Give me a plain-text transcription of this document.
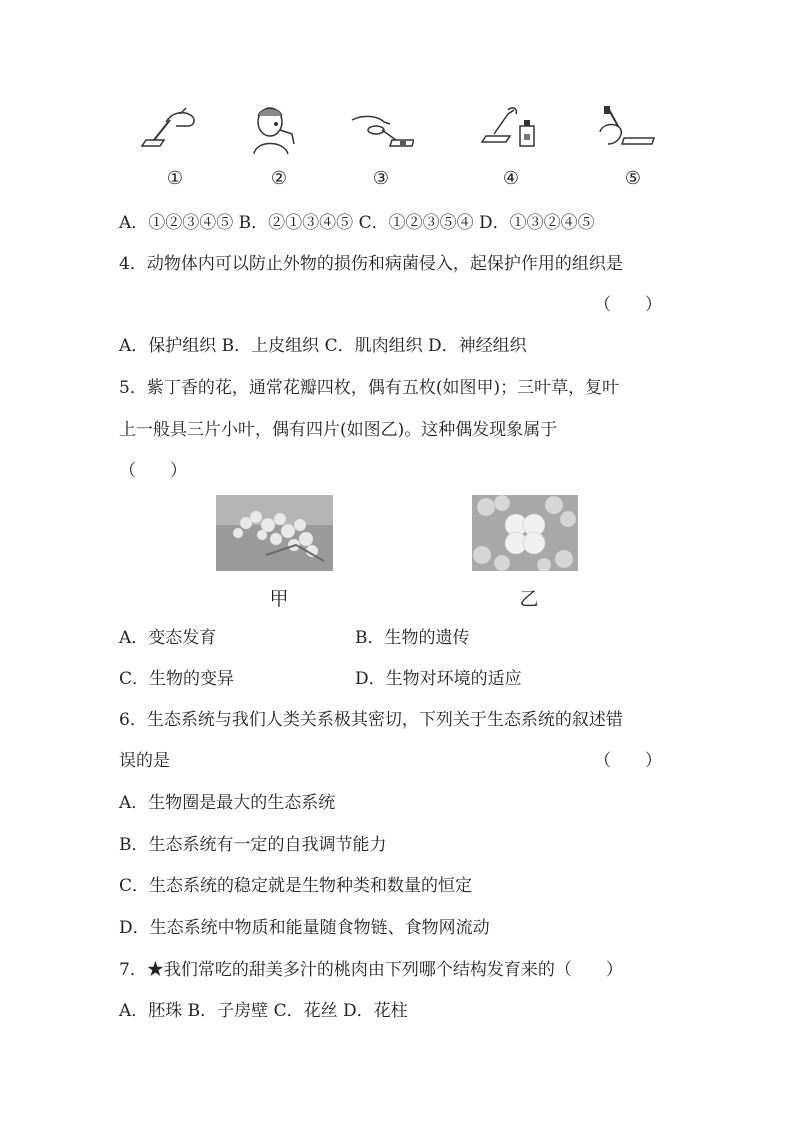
①	②	③	④	⑤
A．①②③④⑤ B．②①③④⑤ C．①②③⑤④ D．①③②④⑤
4．动物体内可以防止外物的损伤和病菌侵入，起保护作用的组织是
（　　）
A．保护组织 B．上皮组织 C．肌肉组织 D．神经组织
5．紫丁香的花，通常花瓣四枚，偶有五枚(如图甲)；三叶草，复叶
上一般具三片小叶，偶有四片(如图乙)。这种偶发现象属于
（　　）
甲	乙
A．变态发育	B．生物的遗传
C．生物的变异	D．生物对环境的适应
6．生态系统与我们人类关系极其密切，下列关于生态系统的叙述错
误的是	（　　）
A．生物圈是最大的生态系统
B．生态系统有一定的自我调节能力
C．生态系统的稳定就是生物种类和数量的恒定
D．生态系统中物质和能量随食物链、食物网流动
7．★我们常吃的甜美多汁的桃肉由下列哪个结构发育来的（　　）
A．胚珠 B．子房壁 C．花丝 D．花柱
